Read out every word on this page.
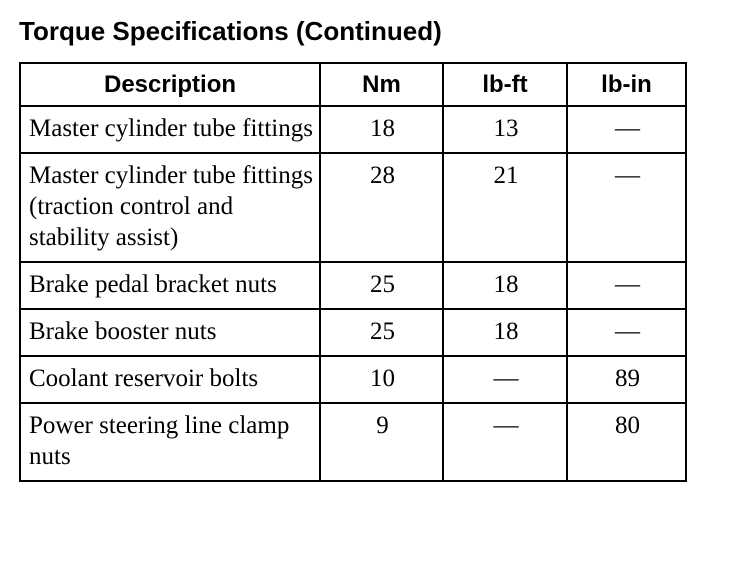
Torque Specifications (Continued)
Description	Nm	lb-ft	lb-in
Master cylinder tube fittings	18	13	—
Master cylinder tube fittings (traction control and stability assist)	28	21	—
Brake pedal bracket nuts	25	18	—
Brake booster nuts	25	18	—
Coolant reservoir bolts	10	—	89
Power steering line clamp nuts	9	—	80
